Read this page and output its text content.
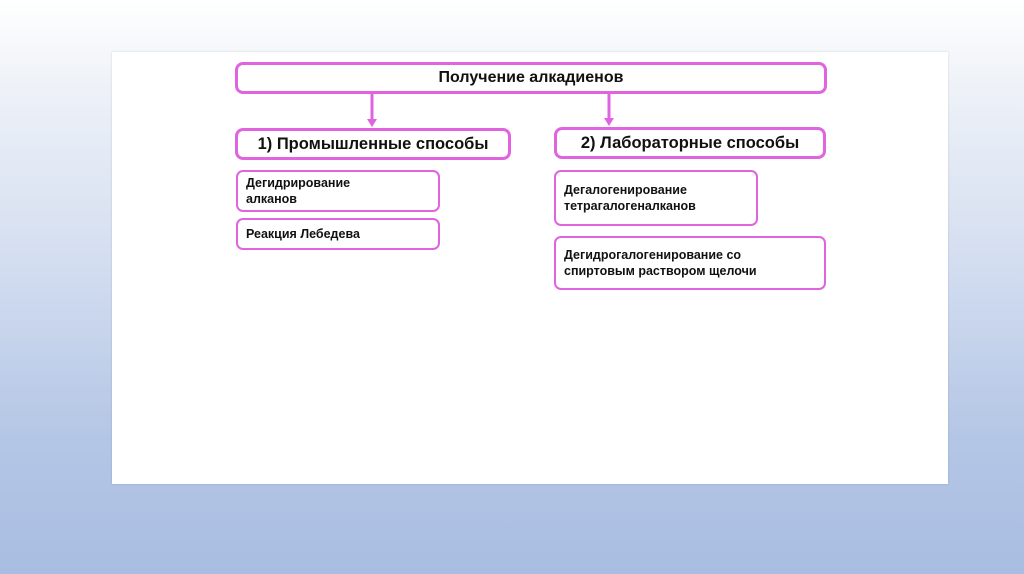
Получение алкадиенов
1) Промышленные способы	2) Лабораторные способы
Дегидрирование
алканов
Реакция Лебедева
Дегалогенирование
тетрагалогеналканов
Дегидрогалогенирование со
спиртовым раствором щелочи
